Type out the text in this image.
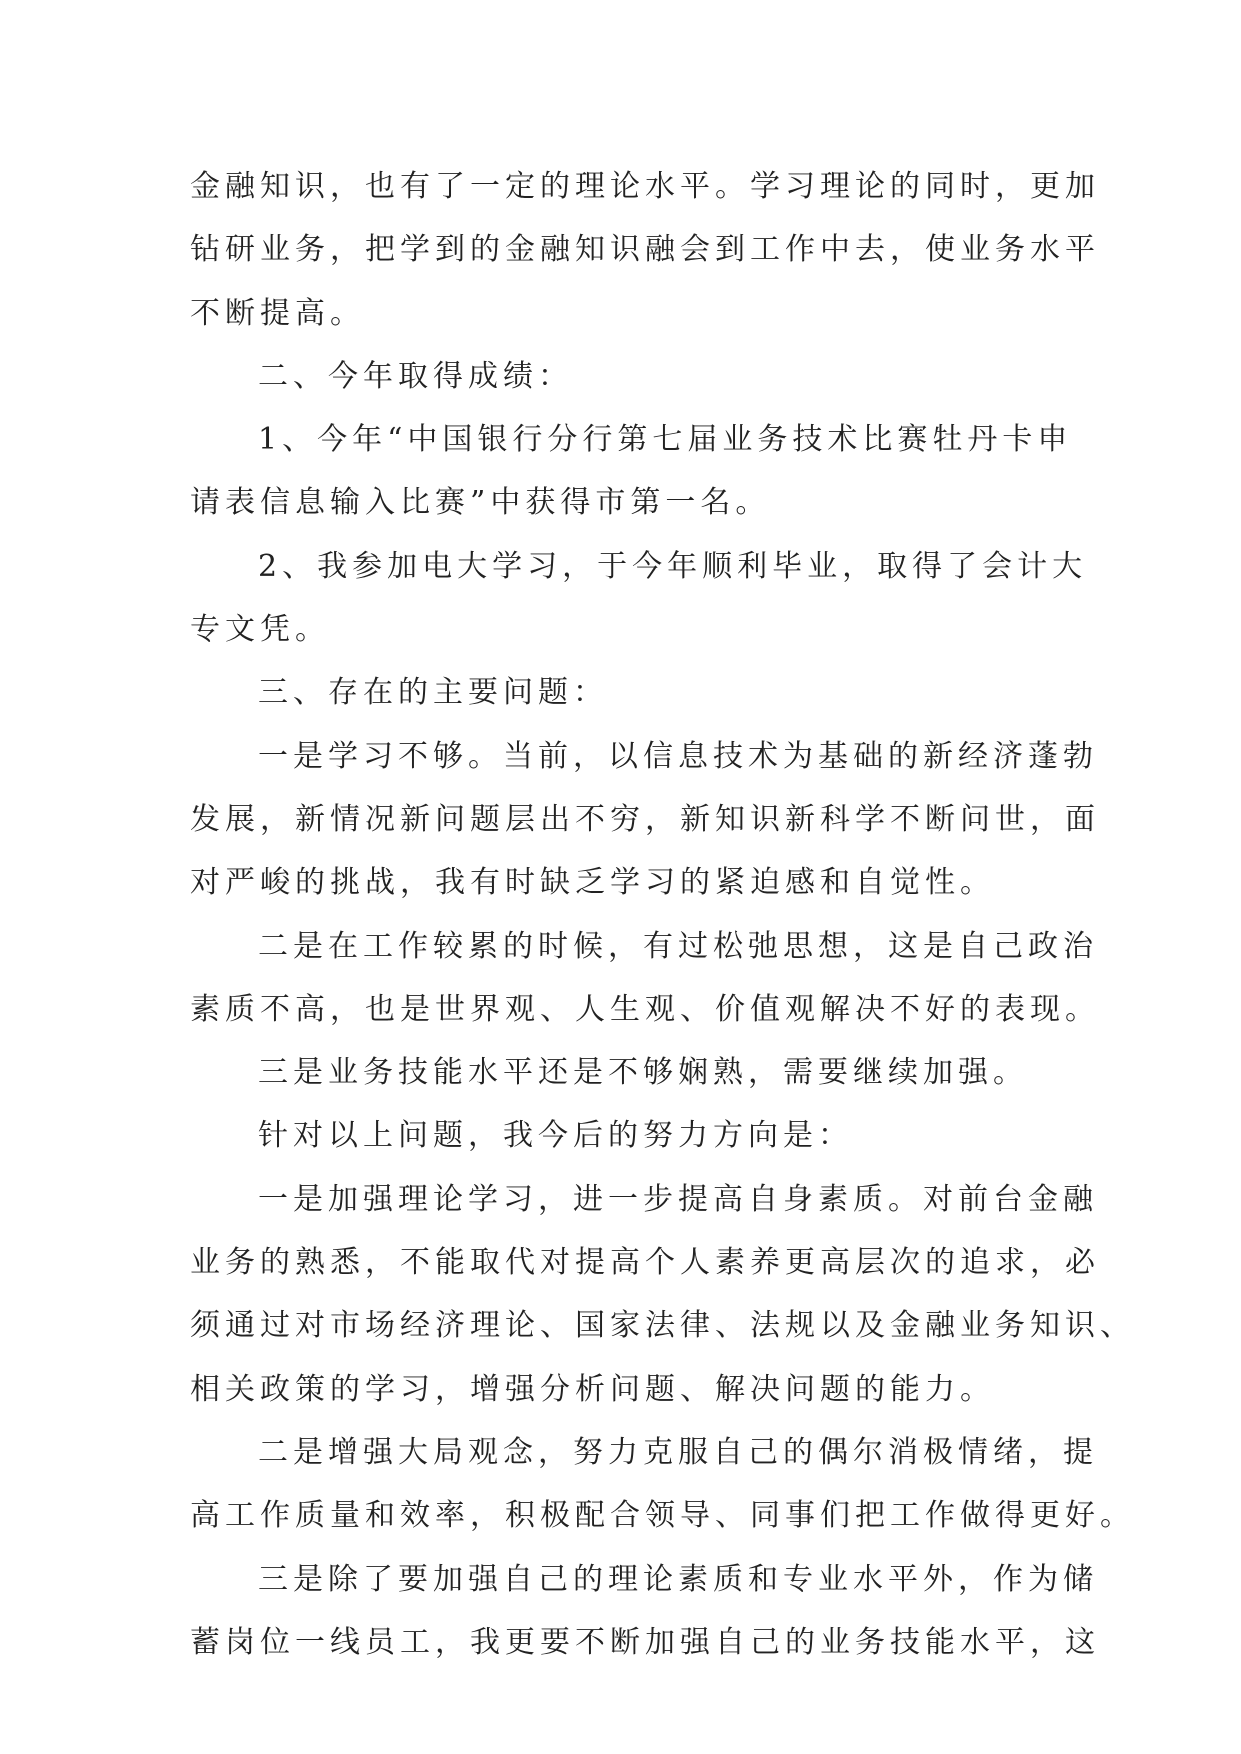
金融知识，也有了一定的理论水平。学习理论的同时，更加
钻研业务，把学到的金融知识融会到工作中去，使业务水平
不断提高。
二、今年取得成绩：
1、今年“中国银行分行第七届业务技术比赛牡丹卡申
请表信息输入比赛”中获得市第一名。
2、我参加电大学习，于今年顺利毕业，取得了会计大
专文凭。
三、存在的主要问题：
一是学习不够。当前，以信息技术为基础的新经济蓬勃
发展，新情况新问题层出不穷，新知识新科学不断问世，面
对严峻的挑战，我有时缺乏学习的紧迫感和自觉性。
二是在工作较累的时候，有过松弛思想，这是自己政治
素质不高，也是世界观、人生观、价值观解决不好的表现。
三是业务技能水平还是不够娴熟，需要继续加强。
针对以上问题，我今后的努力方向是：
一是加强理论学习，进一步提高自身素质。对前台金融
业务的熟悉，不能取代对提高个人素养更高层次的追求，必
须通过对市场经济理论、国家法律、法规以及金融业务知识、
相关政策的学习，增强分析问题、解决问题的能力。
二是增强大局观念，努力克服自己的偶尔消极情绪，提
高工作质量和效率，积极配合领导、同事们把工作做得更好。
三是除了要加强自己的理论素质和专业水平外，作为储
蓄岗位一线员工，我更要不断加强自己的业务技能水平，这
